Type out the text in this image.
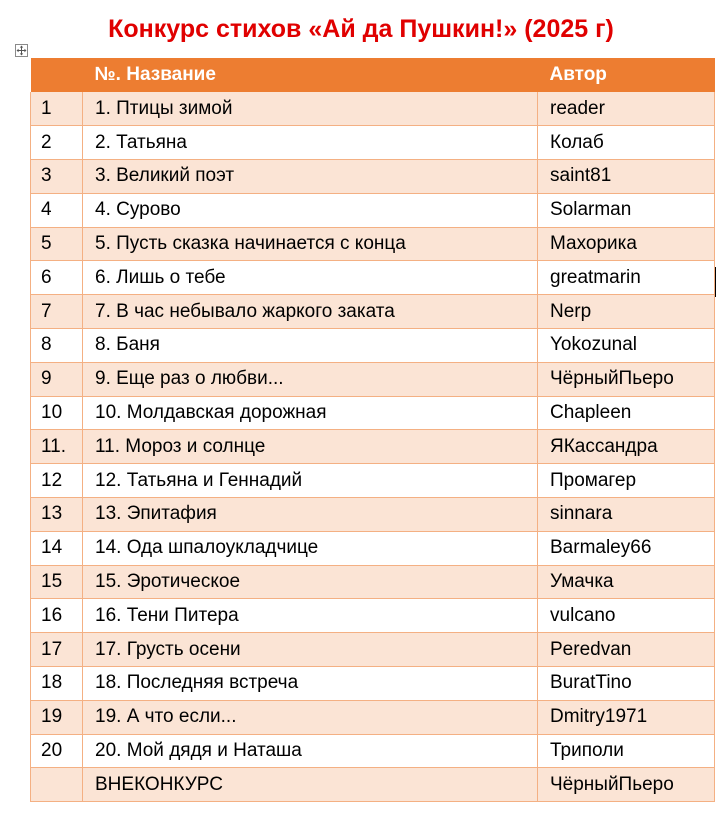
Конкурс стихов «Ай да Пушкин!» (2025 г)
	№. Название	Автор
1	1. Птицы зимой	reader
2	2. Татьяна	Колаб
3	3. Великий поэт	saint81
4	4. Сурово	Solarman
5	5. Пусть сказка начинается с конца	Махорика
6	6. Лишь о тебе	greatmarin
7	7. В час небывало жаркого заката	Nerp
8	8. Баня	Yokozunal
9	9. Еще раз о любви...	ЧёрныйПьеро
10	10. Молдавская дорожная	Chapleen
11.	11. Мороз и солнце	ЯКассандра
12	12. Татьяна и Геннадий	Промагер
13	13. Эпитафия	sinnara
14	14. Ода шпалоукладчице	Barmaley66
15	15. Эротическое	Умачка
16	16. Тени Питера	vulcano
17	17. Грусть осени	Peredvan
18	18. Последняя встреча	BuratTino
19	19. А что если...	Dmitry1971
20	20. Мой дядя и Наташа	Триполи
	ВНЕКОНКУРС	ЧёрныйПьеро
